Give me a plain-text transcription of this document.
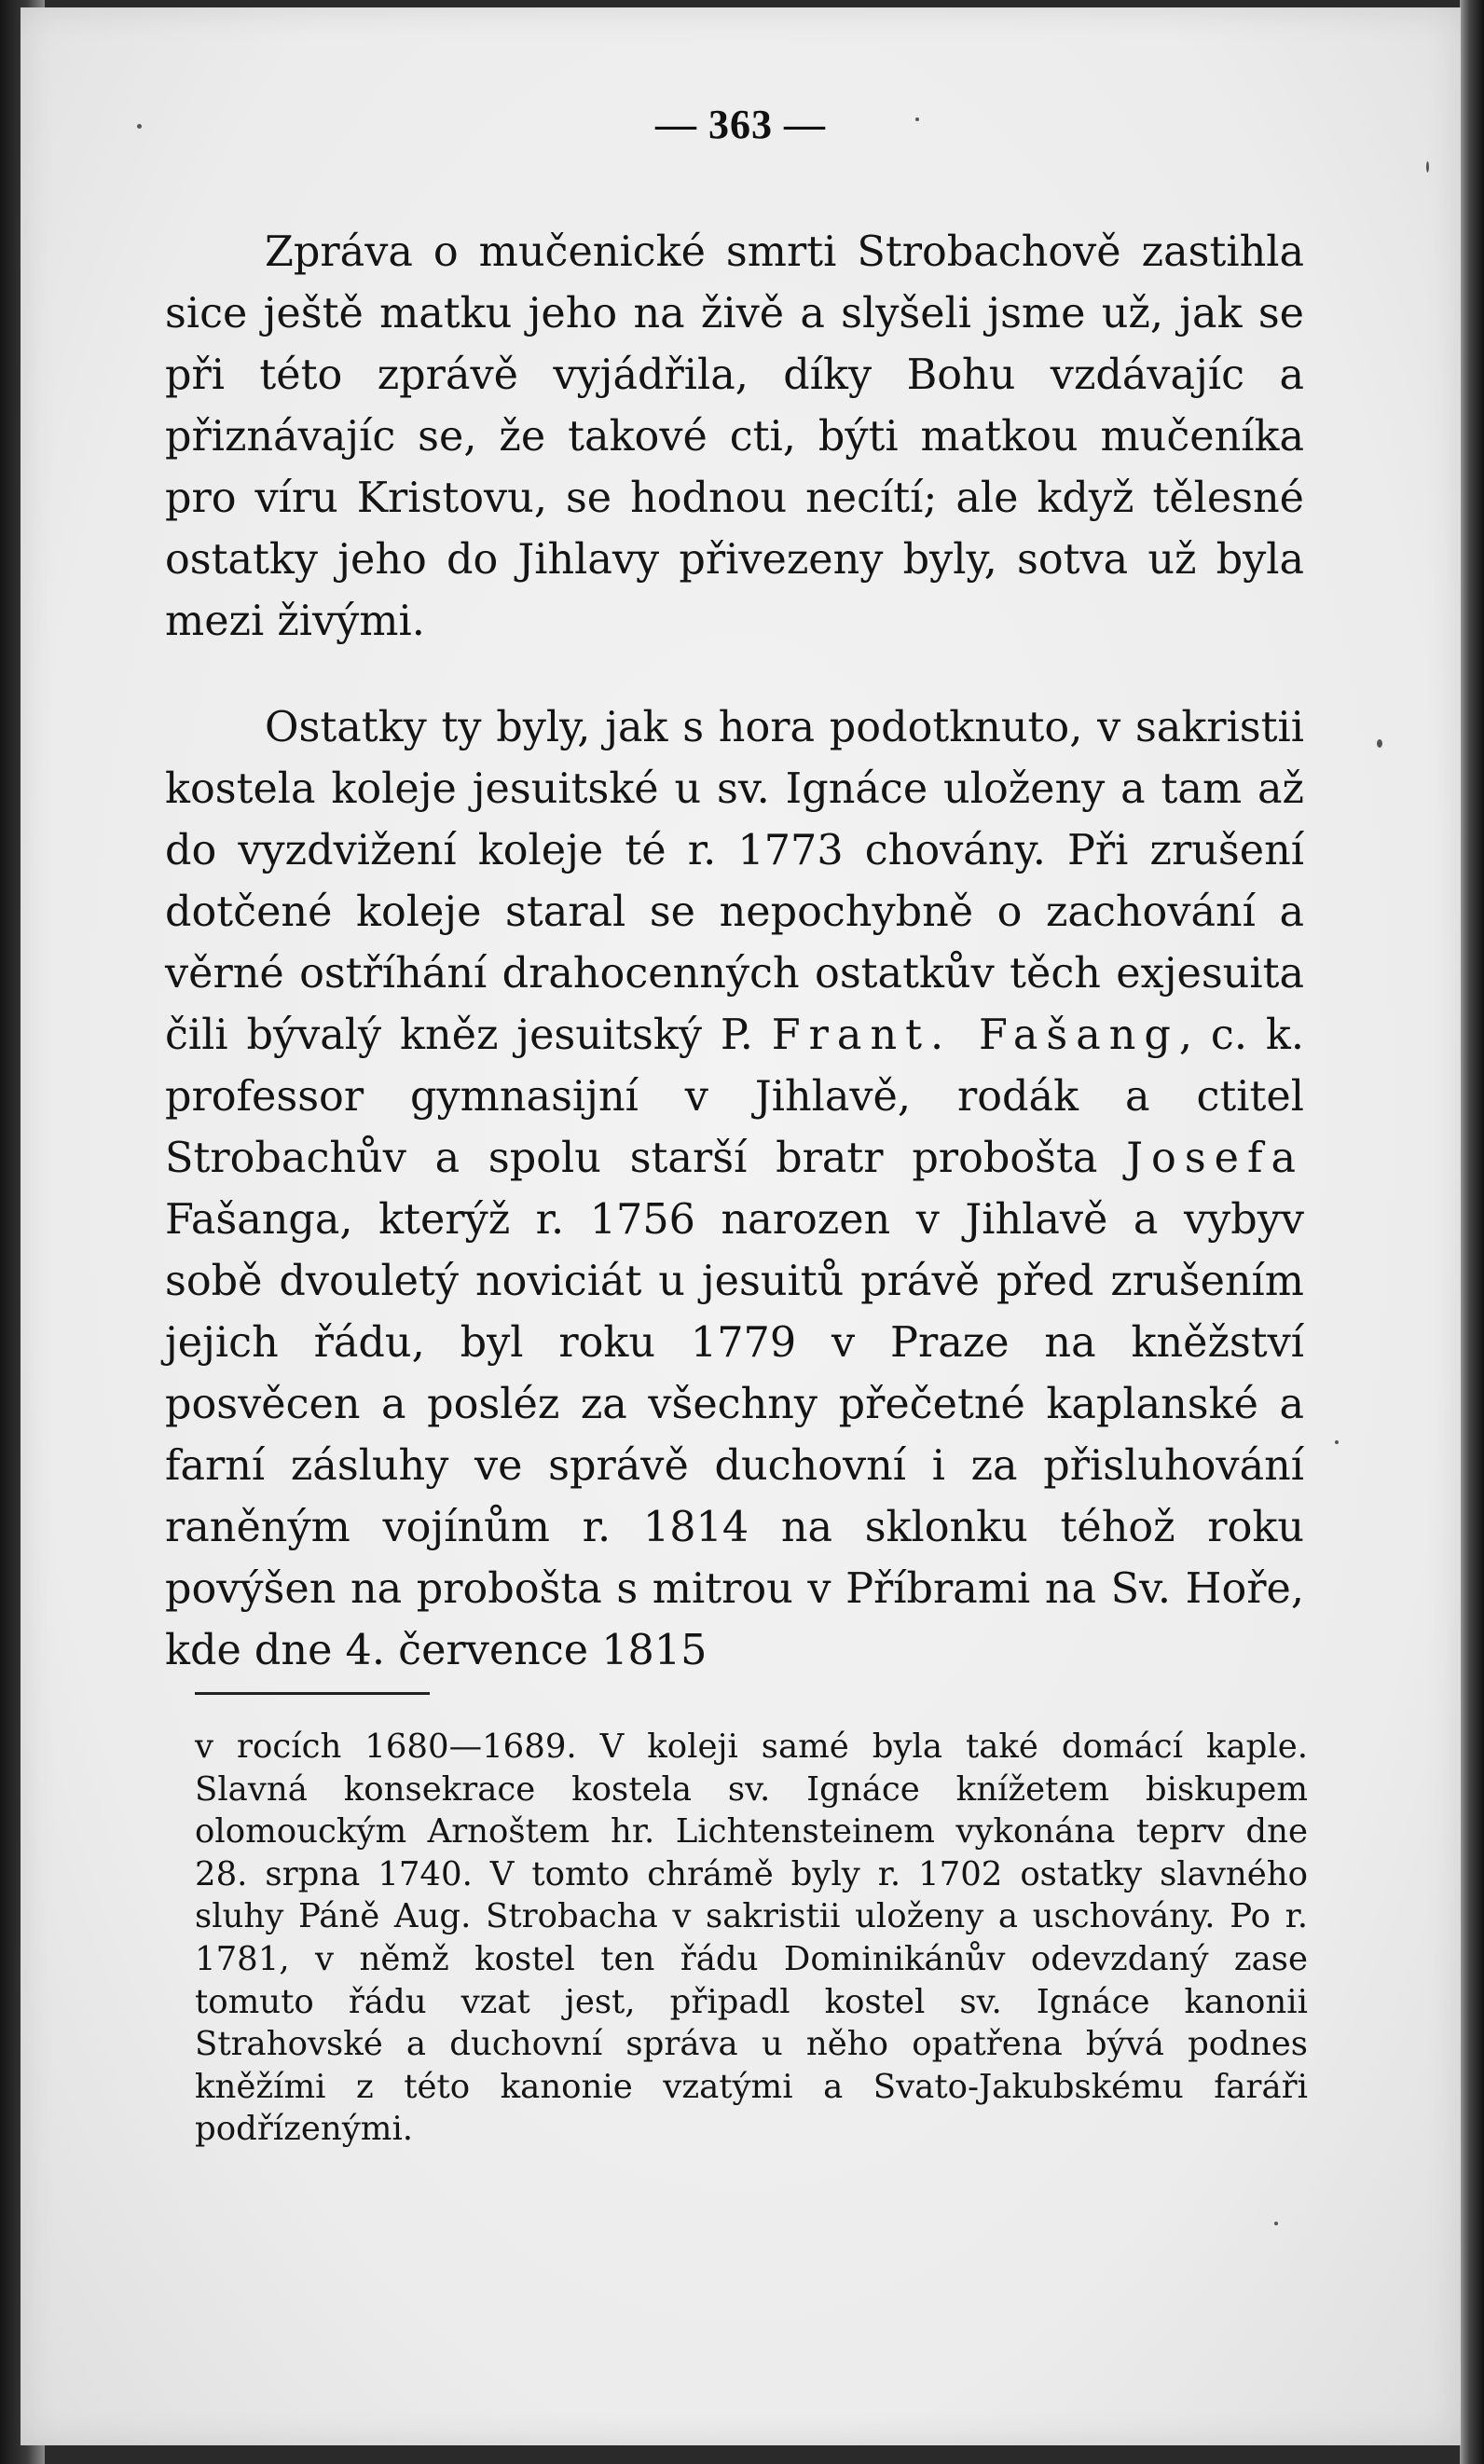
— 363 —

Zpráva o mučenické smrti Strobachově zastihla sice ještě matku jeho na živě a slyšeli jsme už, jak se při této zprávě vyjádřila, díky Bohu vzdávajíc a přiznávajíc se, že takové cti, býti matkou mučeníka pro víru Kristovu, se hodnou necítí; ale když tělesné ostatky jeho do Jihlavy přivezeny byly, sotva už byla mezi živými.

Ostatky ty byly, jak s hora podotknuto, v sakristii kostela koleje jesuitské u sv. Ignáce uloženy a tam až do vyzdvižení koleje té r. 1773 chovány. Při zrušení dotčené koleje staral se nepochybně o zachování a věrné ostříhání drahocenných ostatkův těch exjesuita čili bývalý kněz jesuitský P. Frant. Fašang, c. k. professor gymnasijní v Jihlavě, rodák a ctitel Strobachův a spolu starší bratr probošta Josefa Fašanga, kterýž r. 1756 narozen v Jihlavě a vybyv sobě dvouletý noviciát u jesuitů právě před zrušením jejich řádu, byl roku 1779 v Praze na kněžství posvěcen a posléz za všechny přečetné kaplanské a farní zásluhy ve správě duchovní i za přisluhování raněným vojínům r. 1814 na sklonku téhož roku povýšen na probošta s mitrou v Příbrami na Sv. Hoře, kde dne 4. července 1815

v rocích 1680—1689. V koleji samé byla také domácí kaple. Slavná konsekrace kostela sv. Ignáce knížetem biskupem olomouckým Arnoštem hr. Lichtensteinem vykonána teprv dne 28. srpna 1740. V tomto chrámě byly r. 1702 ostatky slavného sluhy Páně Aug. Strobacha v sakristii uloženy a uschovány. Po r. 1781, v němž kostel ten řádu Dominikánův odevzdaný zase tomuto řádu vzat jest, připadl kostel sv. Ignáce kanonii Strahovské a duchovní správa u něho opatřena bývá podnes kněžími z této kanonie vzatými a Svato-Jakubskému faráři podřízenými.
